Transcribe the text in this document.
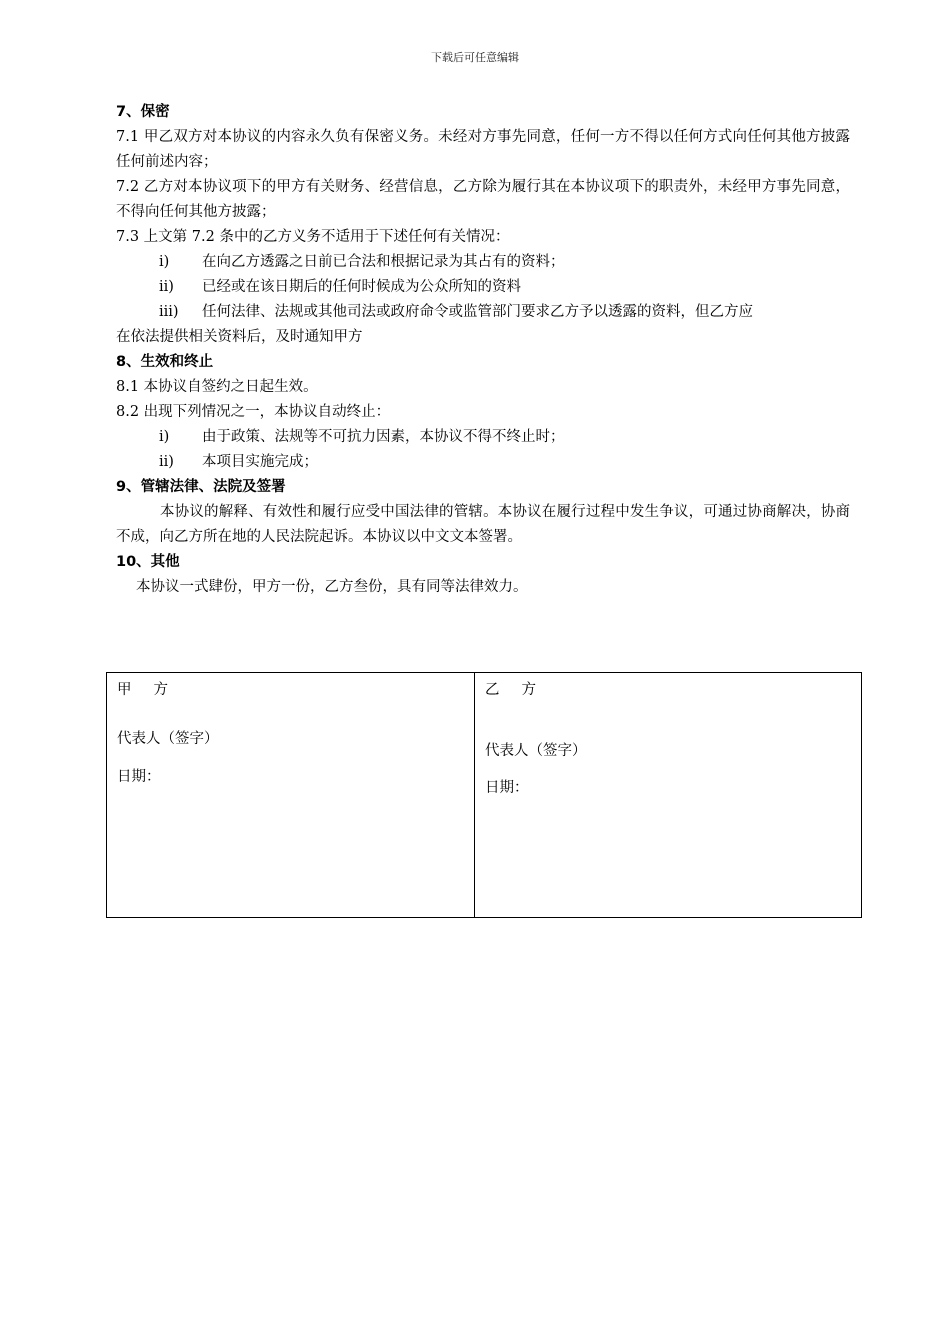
下载后可任意编辑
7、保密
7.1 甲乙双方对本协议的内容永久负有保密义务。未经对方事先同意，任何一方不得以任何方式向任何其他方披露任何前述内容；
7.2 乙方对本协议项下的甲方有关财务、经营信息，乙方除为履行其在本协议项下的职责外，未经甲方事先同意，不得向任何其他方披露；
7.3 上文第 7.2 条中的乙方义务不适用于下述任何有关情况：
i)	在向乙方透露之日前已合法和根据记录为其占有的资料；
ii)	已经或在该日期后的任何时候成为公众所知的资料
iii)	任何法律、法规或其他司法或政府命令或监管部门要求乙方予以透露的资料，但乙方应
在依法提供相关资料后，及时通知甲方
8、生效和终止
8.1 本协议自签约之日起生效。
8.2 出现下列情况之一，本协议自动终止：
i)	由于政策、法规等不可抗力因素，本协议不得不终止时；
ii)	本项目实施完成；
9、管辖法律、法院及签署
本协议的解释、有效性和履行应受中国法律的管辖。本协议在履行过程中发生争议，可通过协商解决，协商不成，向乙方所在地的人民法院起诉。本协议以中文文本签署。
10、其他
本协议一式肆份，甲方一份，乙方叁份，具有同等法律效力。
甲方
代表人（签字）
日期：
乙方
代表人（签字）
日期：
